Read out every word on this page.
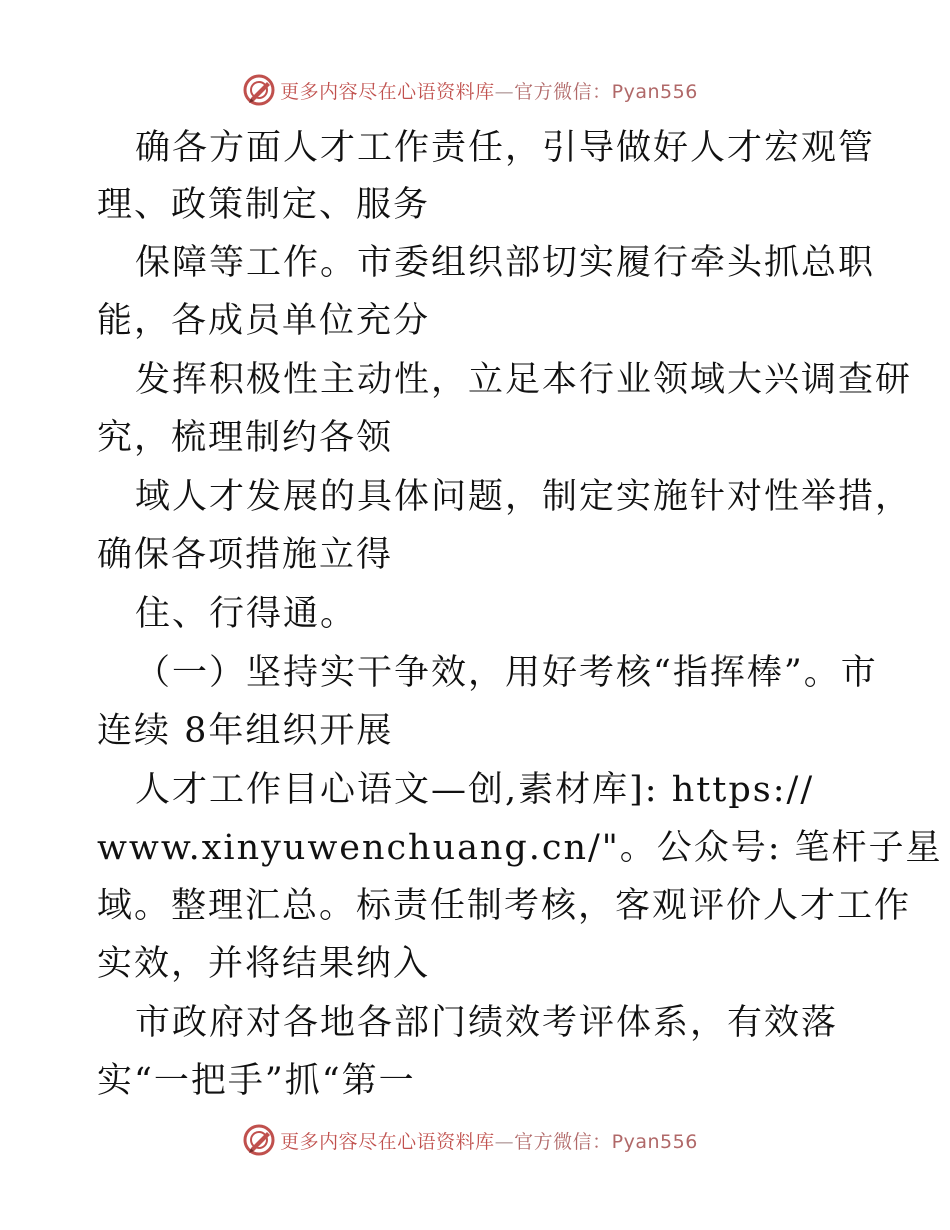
更多内容尽在心语资料库—官方微信：Pyan556
确各方面人才工作责任，引导做好人才宏观管
理、政策制定、服务
保障等工作。市委组织部切实履行牵头抓总职
能，各成员单位充分
发挥积极性主动性，立足本行业领域大兴调查研
究，梳理制约各领
域人才发展的具体问题，制定实施针对性举措，
确保各项措施立得
住、行得通。
（一）坚持实干争效，用好考核“指挥棒”。市
连续 8年组织开展
人才工作目心语文—创,素材库]: https://
www.xinyuwenchuang.cn/"。公众号: 笔杆子星
域。整理汇总。标责任制考核，客观评价人才工作
实效，并将结果纳入
市政府对各地各部门绩效考评体系，有效落
实“一把手”抓“第一
更多内容尽在心语资料库—官方微信：Pyan556
